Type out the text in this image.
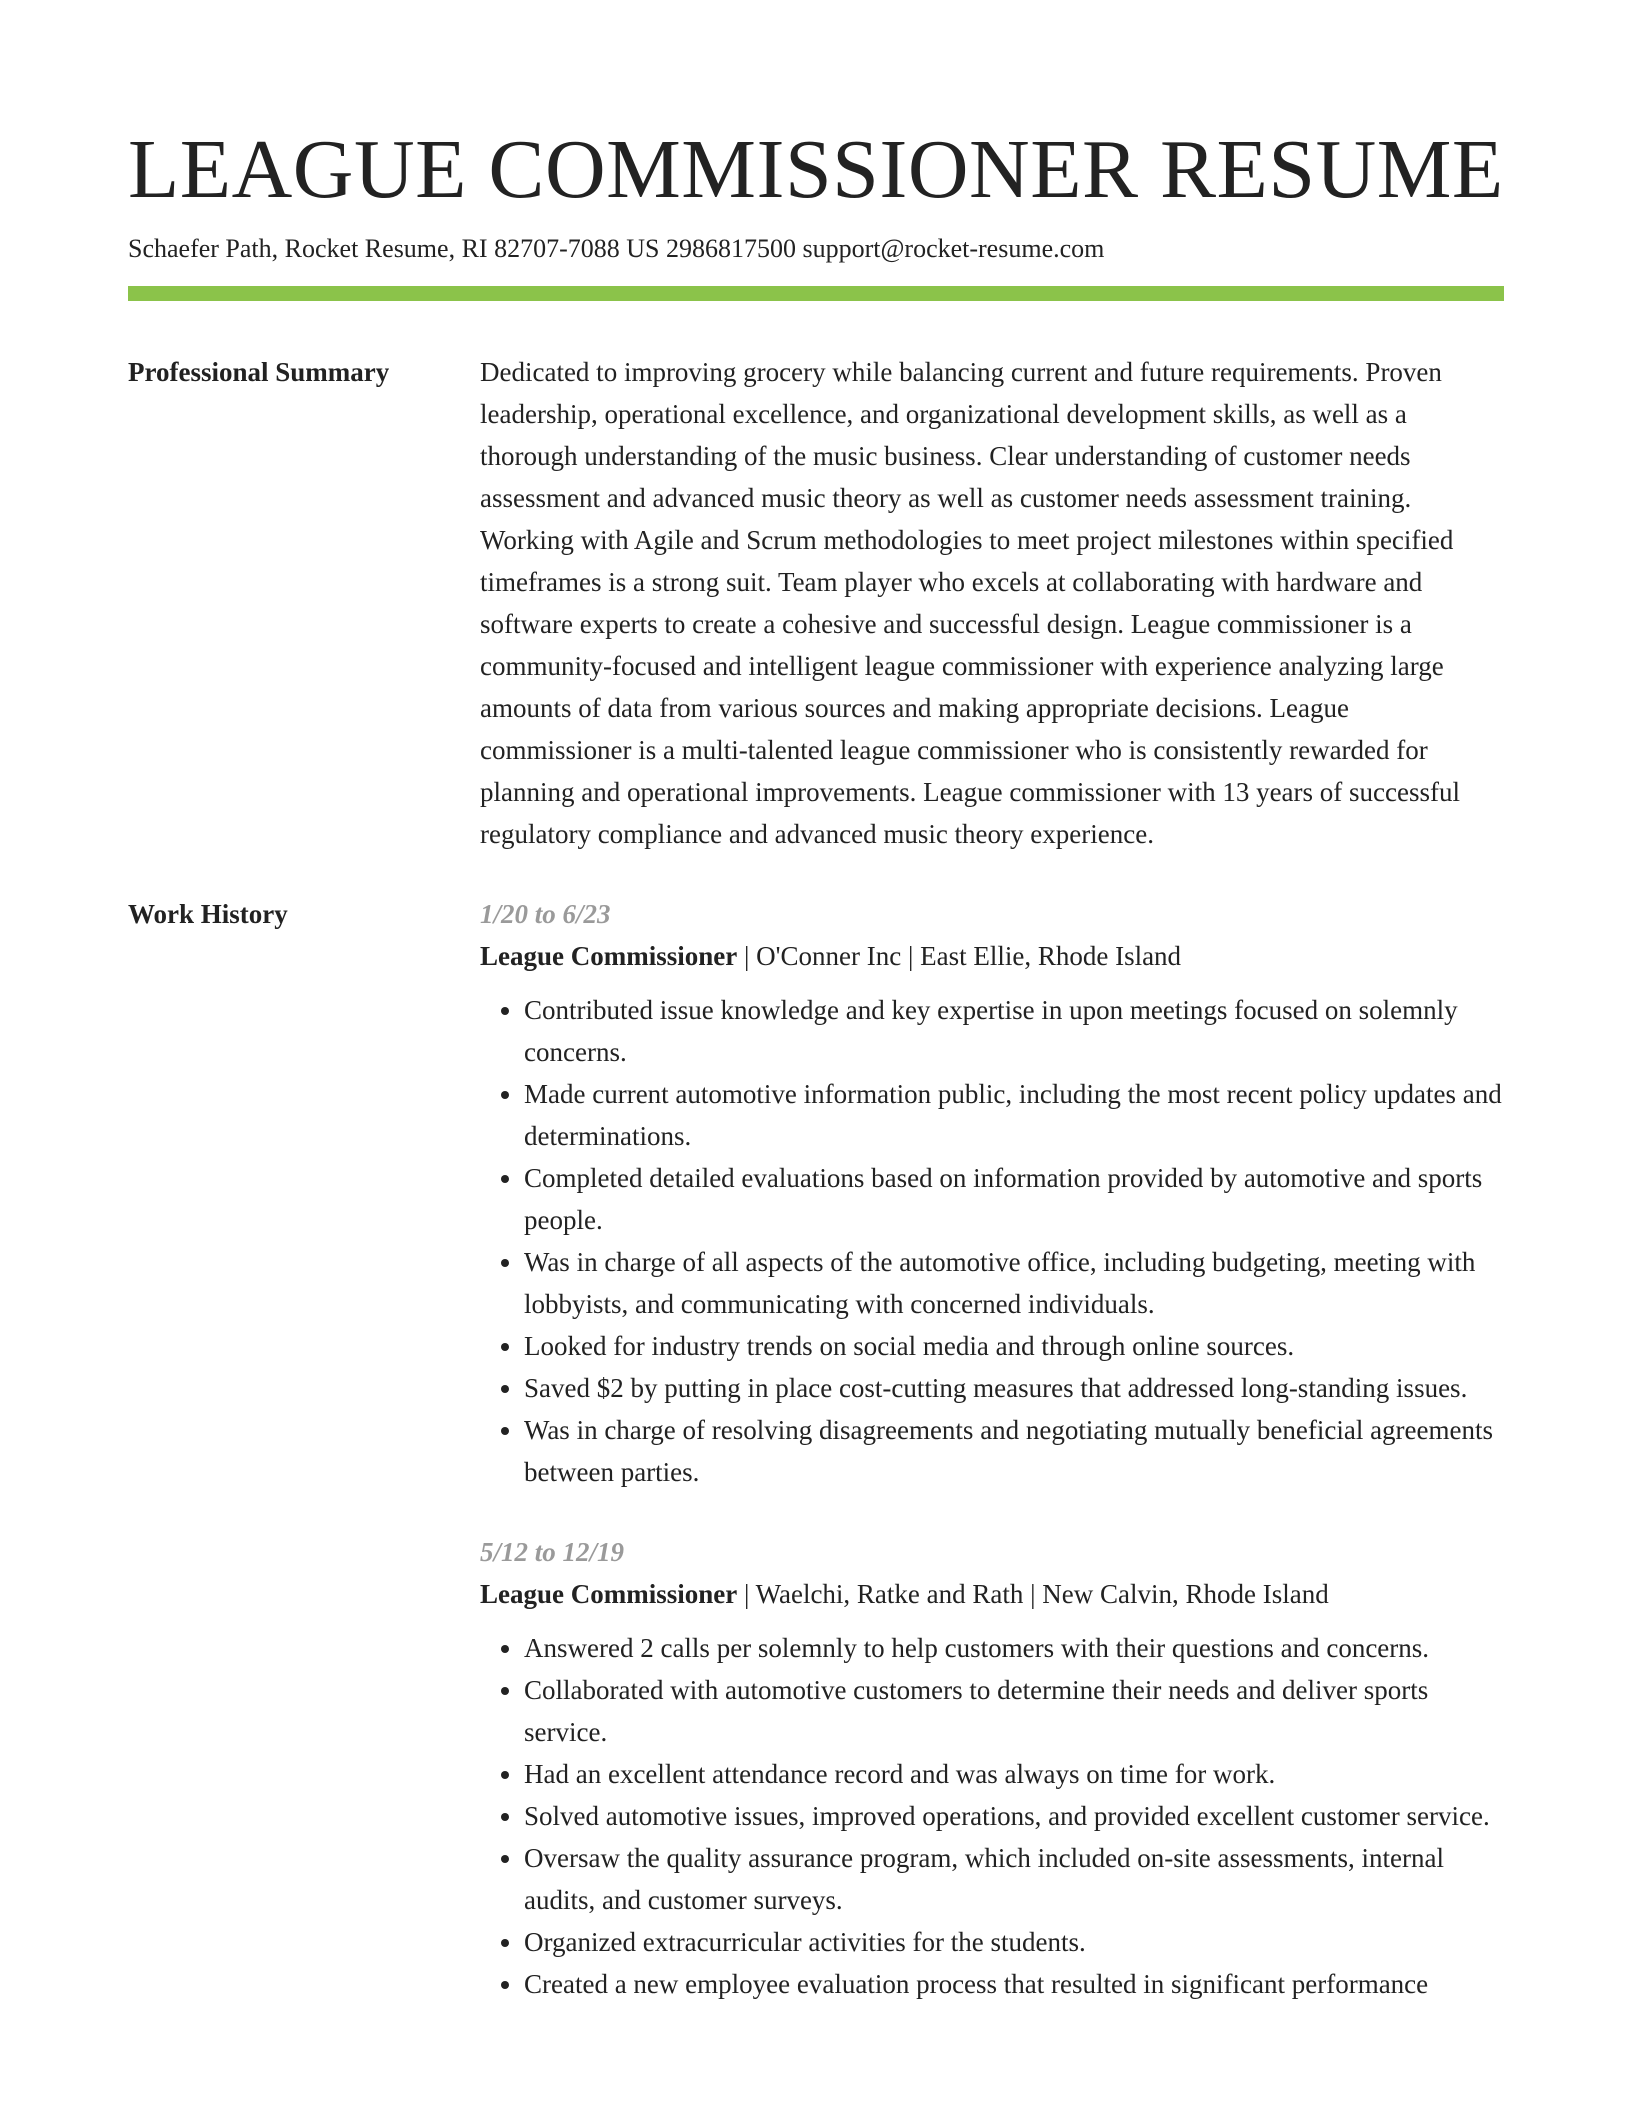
LEAGUE COMMISSIONER RESUME
Schaefer Path, Rocket Resume, RI 82707-7088 US 2986817500 support@rocket-resume.com
Professional Summary	Dedicated to improving grocery while balancing current and future requirements. Proven leadership, operational excellence, and organizational development skills, as well as a thorough understanding of the music business. Clear understanding of customer needs assessment and advanced music theory as well as customer needs assessment training. Working with Agile and Scrum methodologies to meet project milestones within specified timeframes is a strong suit. Team player who excels at collaborating with hardware and software experts to create a cohesive and successful design. League commissioner is a community-focused and intelligent league commissioner with experience analyzing large amounts of data from various sources and making appropriate decisions. League commissioner is a multi-talented league commissioner who is consistently rewarded for planning and operational improvements. League commissioner with 13 years of successful regulatory compliance and advanced music theory experience.

Work History	1/20 to 6/23
League Commissioner | O'Conner Inc | East Ellie, Rhode Island
• Contributed issue knowledge and key expertise in upon meetings focused on solemnly concerns.
• Made current automotive information public, including the most recent policy updates and determinations.
• Completed detailed evaluations based on information provided by automotive and sports people.
• Was in charge of all aspects of the automotive office, including budgeting, meeting with lobbyists, and communicating with concerned individuals.
• Looked for industry trends on social media and through online sources.
• Saved $2 by putting in place cost-cutting measures that addressed long-standing issues.
• Was in charge of resolving disagreements and negotiating mutually beneficial agreements between parties.
5/12 to 12/19
League Commissioner | Waelchi, Ratke and Rath | New Calvin, Rhode Island
• Answered 2 calls per solemnly to help customers with their questions and concerns.
• Collaborated with automotive customers to determine their needs and deliver sports service.
• Had an excellent attendance record and was always on time for work.
• Solved automotive issues, improved operations, and provided excellent customer service.
• Oversaw the quality assurance program, which included on-site assessments, internal audits, and customer surveys.
• Organized extracurricular activities for the students.
• Created a new employee evaluation process that resulted in significant performance
